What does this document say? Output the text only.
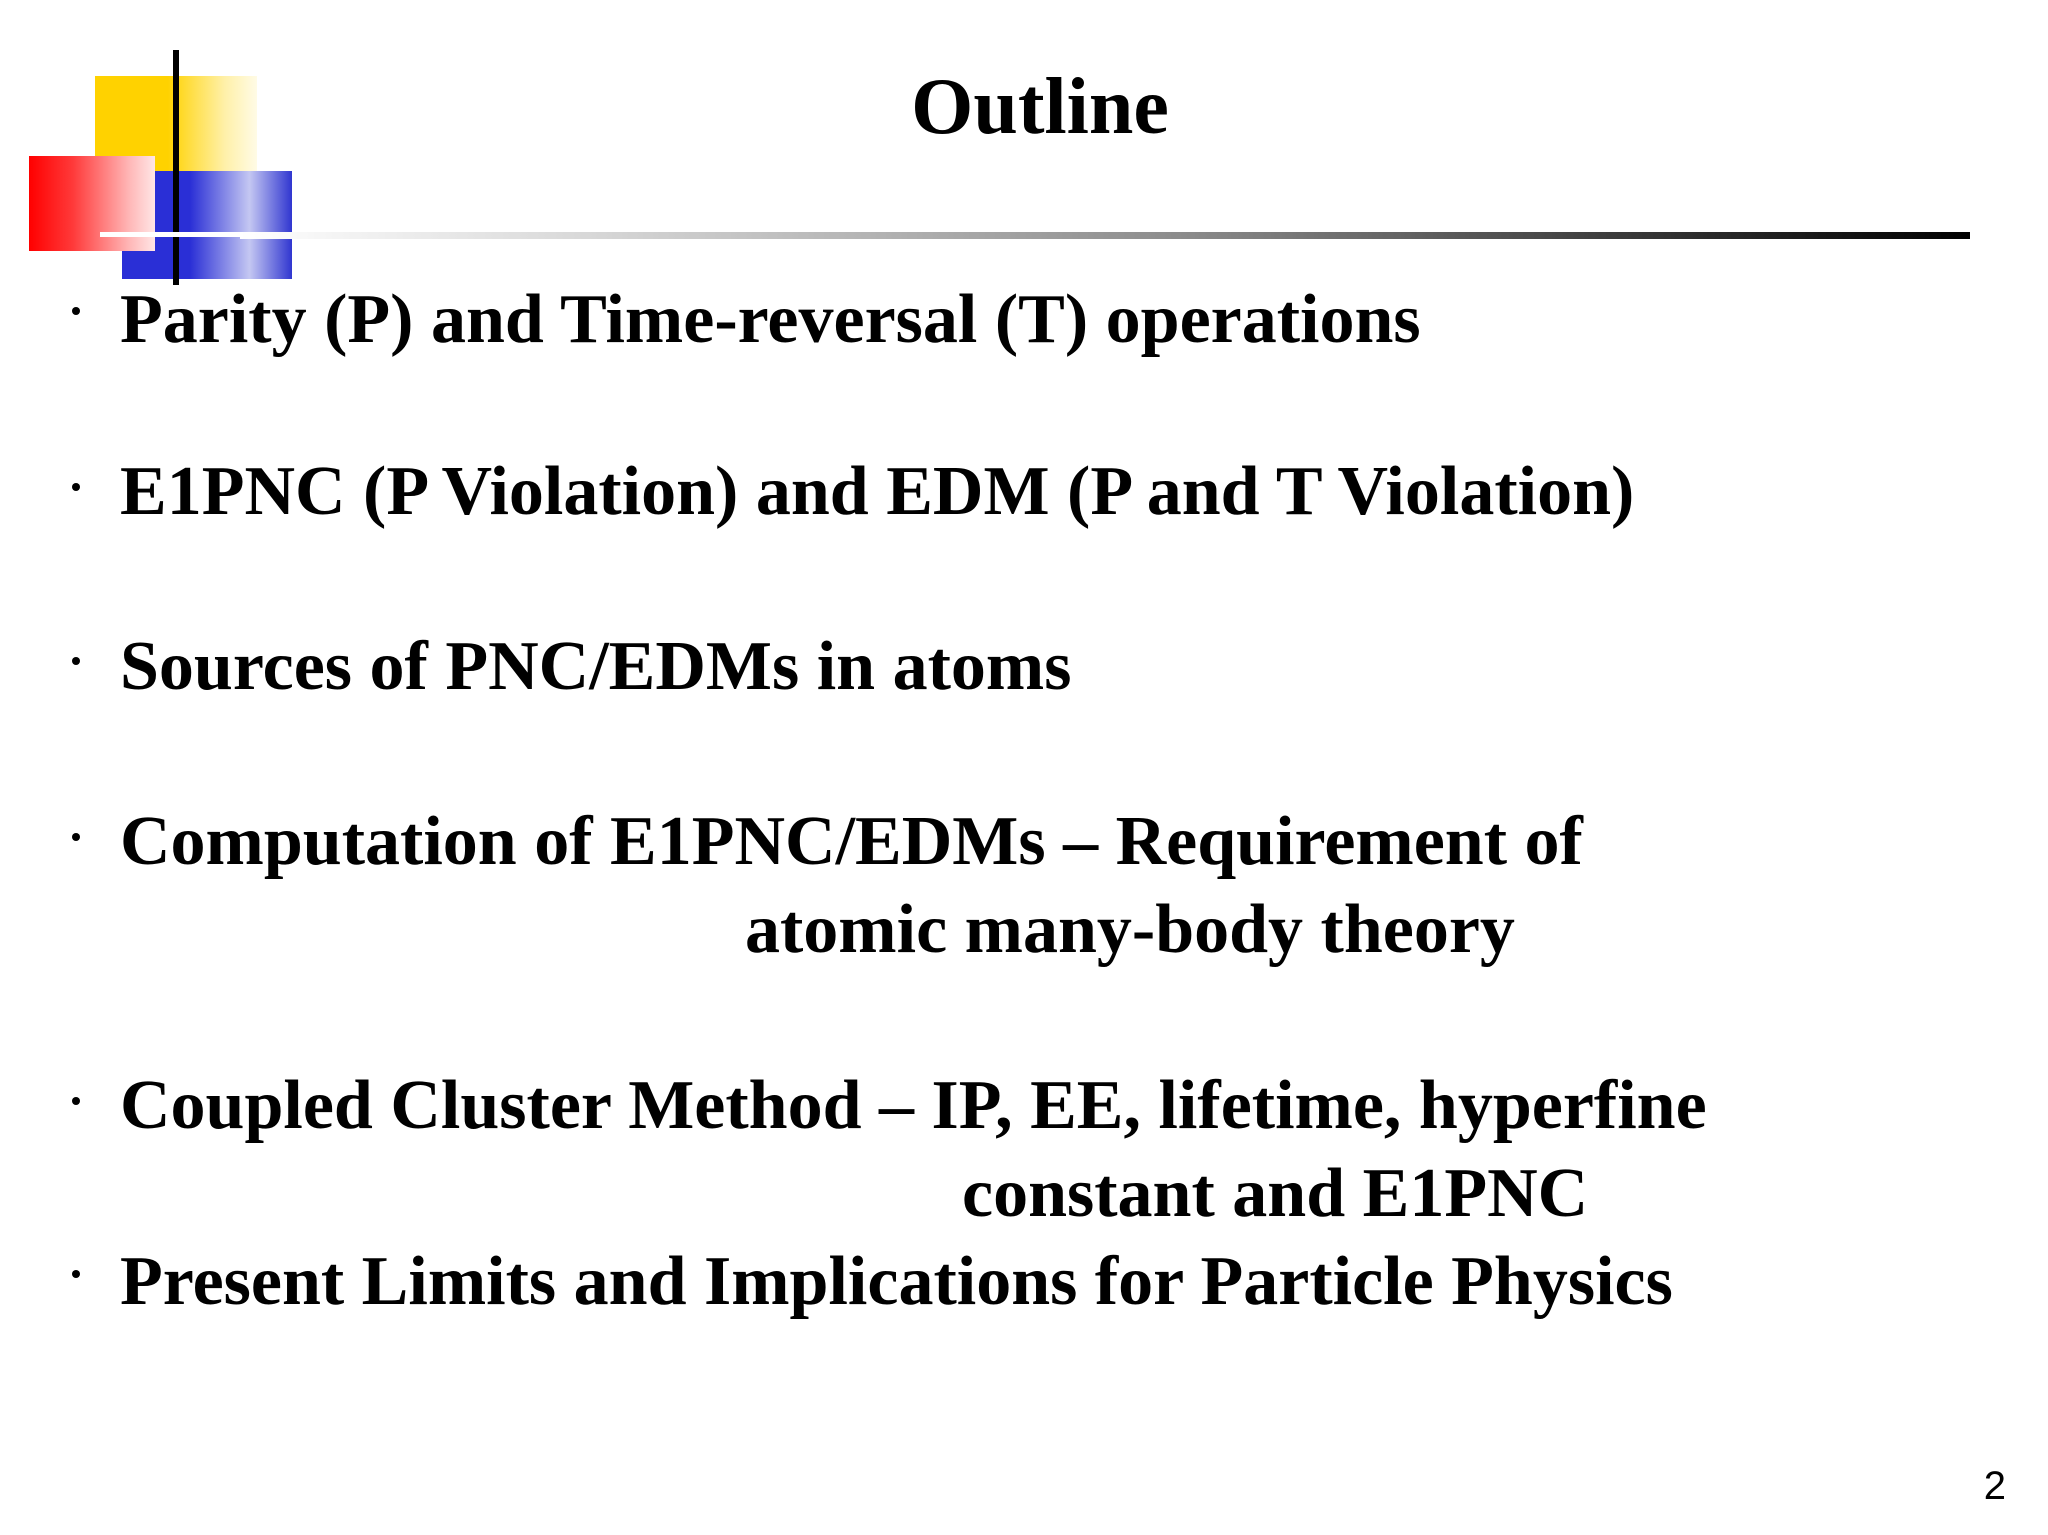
Outline
Parity (P) and Time-reversal (T) operations
E1PNC (P Violation) and EDM (P and T Violation)
Sources of PNC/EDMs in atoms
Computation of E1PNC/EDMs – Requirement of
atomic many-body theory
Coupled Cluster Method – IP, EE, lifetime, hyperfine
constant and E1PNC
Present Limits and Implications for Particle Physics
2
